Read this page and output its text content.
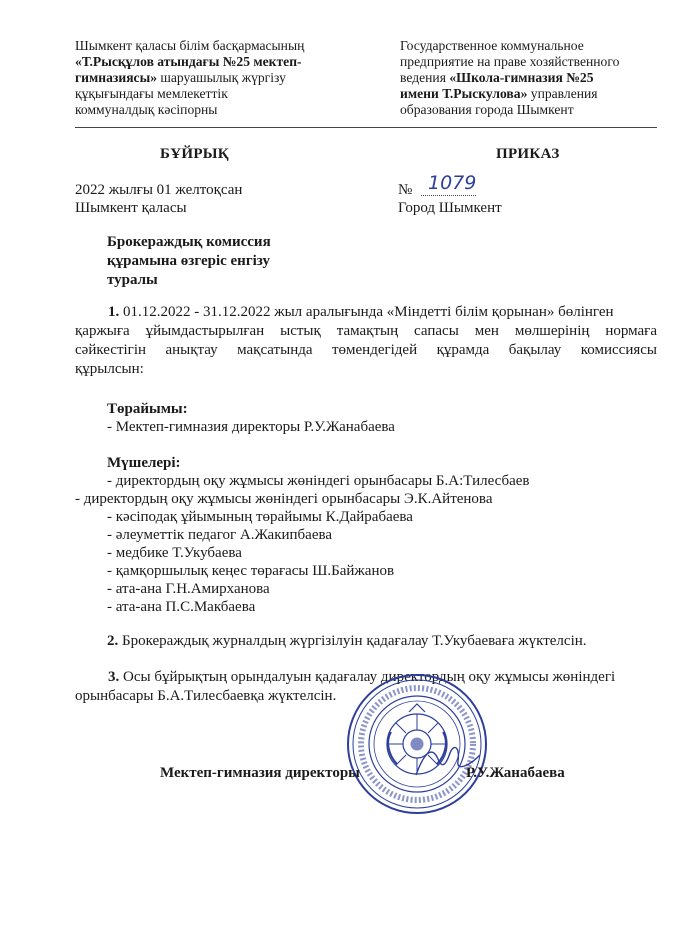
Шымкент қаласы білім басқармасының
«Т.Рысқұлов атындағы №25 мектеп-
гимназиясы» шаруашылық жүргізу
құқығындағы мемлекеттік
коммуналдық кәсіпорны
Государственное коммунальное
предприятие на праве хозяйственного
ведения «Школа-гимназия №25
имени Т.Рыскулова» управления
образования города Шымкент
БҰЙРЫҚ	ПРИКАЗ
2022 жылғы 01 желтоқсан
Шымкент қаласы
№ 1079
Город Шымкент
Брокераждық комиссия
құрамына өзгеріс енгізу
туралы
1. 01.12.2022 - 31.12.2022 жыл аралығында «Міндетті білім қорынан» бөлінген
қаржыға ұйымдастырылған ыстық тамақтың сапасы мен мөлшерінің нормаға
сәйкестігін анықтау мақсатында төмендегідей құрамда бақылау комиссиясы
құрылсын:
Төрайымы:
- Мектеп-гимназия директоры Р.У.Жанабаева
Мүшелері:
- директордың оқу жұмысы жөніндегі орынбасары Б.А:Тилесбаев
- директордың оқу жұмысы жөніндегі орынбасары Э.К.Айтенова
- кәсіподақ ұйымының төрайымы К.Дайрабаева
- әлеуметтік педагог А.Жакипбаева
- медбике Т.Укубаева
- қамқоршылық кеңес төрағасы Ш.Байжанов
- ата-ана Г.Н.Амирханова
- ата-ана П.С.Макбаева
2. Брокераждық журналдың жүргізілуін қадағалау Т.Укубаеваға жүктелсін.
3. Осы бұйрықтың орындалуын қадағалау директордың оқу жұмысы жөніндегі
орынбасары Б.А.Тилесбаевқа жүктелсін.
Мектеп-гимназия директоры	Р.У.Жанабаева
